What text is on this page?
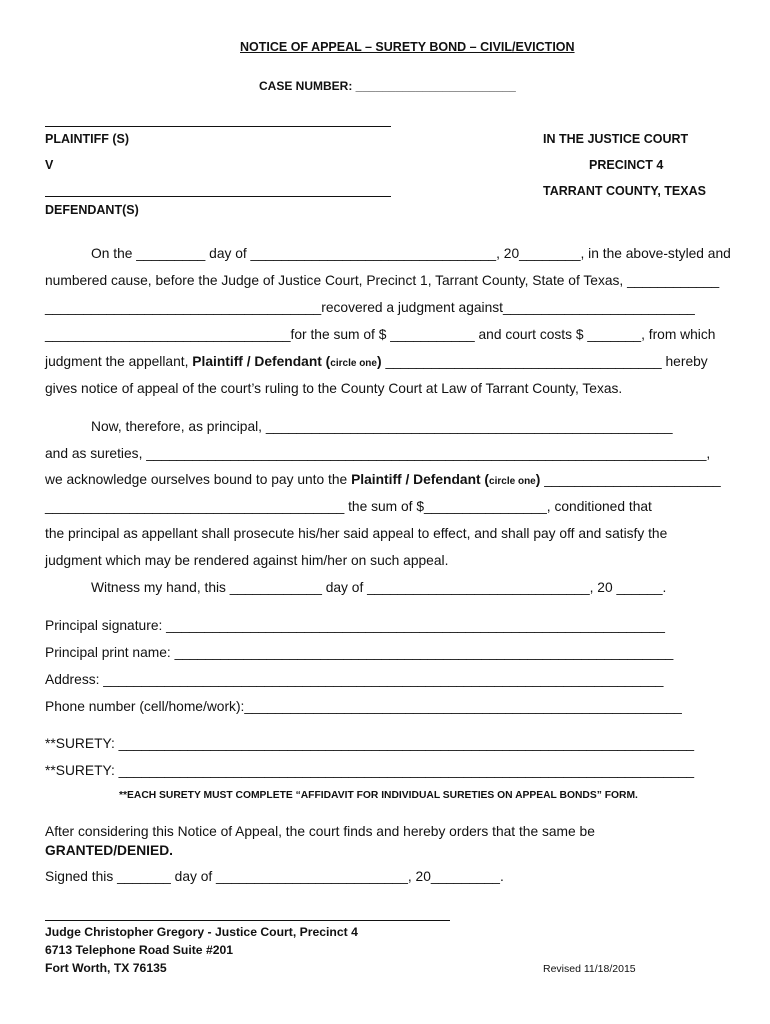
NOTICE OF APPEAL – SURETY BOND – CIVIL/EVICTION
CASE NUMBER: ________________________
PLAINTIFF (S)
V
DEFENDANT(S)
IN THE JUSTICE COURT
PRECINCT 4
TARRANT COUNTY, TEXAS
On the _________ day of ________________________________, 20________, in the above-styled and
numbered cause, before the Judge of Justice Court, Precinct 1, Tarrant County, State of Texas, ____________
____________________________________recovered a judgment against_________________________
________________________________for the sum of $ ___________ and court costs $ _______, from which
judgment the appellant, Plaintiff / Defendant (circle one) ____________________________________ hereby
gives notice of appeal of the court’s ruling to the County Court at Law of Tarrant County, Texas.
Now, therefore, as principal, _____________________________________________________
and as sureties, _________________________________________________________________________,
we acknowledge ourselves bound to pay unto the Plaintiff / Defendant (circle one) _______________________
_______________________________________ the sum of $________________, conditioned that
the principal as appellant shall prosecute his/her said appeal to effect, and shall pay off and satisfy the
judgment which may be rendered against him/her on such appeal.
Witness my hand, this ____________ day of _____________________________, 20 ______.
Principal signature: _________________________________________________________________
Principal print name: _________________________________________________________________
Address: _________________________________________________________________________
Phone number (cell/home/work):_________________________________________________________
**SURETY: ___________________________________________________________________________
**SURETY: ___________________________________________________________________________
**EACH SURETY MUST COMPLETE “AFFIDAVIT FOR INDIVIDUAL SURETIES ON APPEAL BONDS” FORM.
After considering this Notice of Appeal, the court finds and hereby orders that the same be
GRANTED/DENIED.
Signed this _______ day of _________________________, 20_________.
Judge Christopher Gregory - Justice Court, Precinct 4
6713 Telephone Road Suite #201
Fort Worth, TX 76135	Revised 11/18/2015
